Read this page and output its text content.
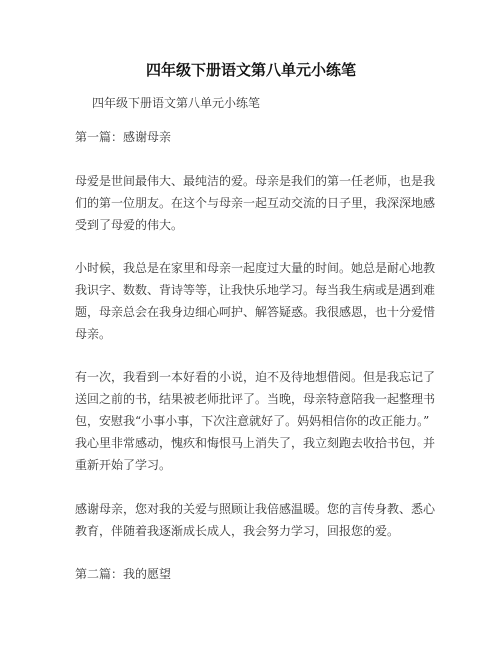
四年级下册语文第八单元小练笔

四年级下册语文第八单元小练笔

第一篇：感谢母亲

母爱是世间最伟大、最纯洁的爱。母亲是我们的第一任老师，也是我
们的第一位朋友。在这个与母亲一起互动交流的日子里，我深深地感
受到了母爱的伟大。
小时候，我总是在家里和母亲一起度过大量的时间。她总是耐心地教
我识字、数数、背诗等等，让我快乐地学习。每当我生病或是遇到难
题，母亲总会在我身边细心呵护、解答疑惑。我很感恩，也十分爱惜
母亲。
有一次，我看到一本好看的小说，迫不及待地想借阅。但是我忘记了
送回之前的书，结果被老师批评了。当晚，母亲特意陪我一起整理书
包，安慰我“小事小事，下次注意就好了。妈妈相信你的改正能力。”
我心里非常感动，愧疚和悔恨马上消失了，我立刻跑去收拾书包，并
重新开始了学习。
感谢母亲，您对我的关爱与照顾让我倍感温暖。您的言传身教、悉心
教育，伴随着我逐渐成长成人，我会努力学习，回报您的爱。

第二篇：我的愿望
